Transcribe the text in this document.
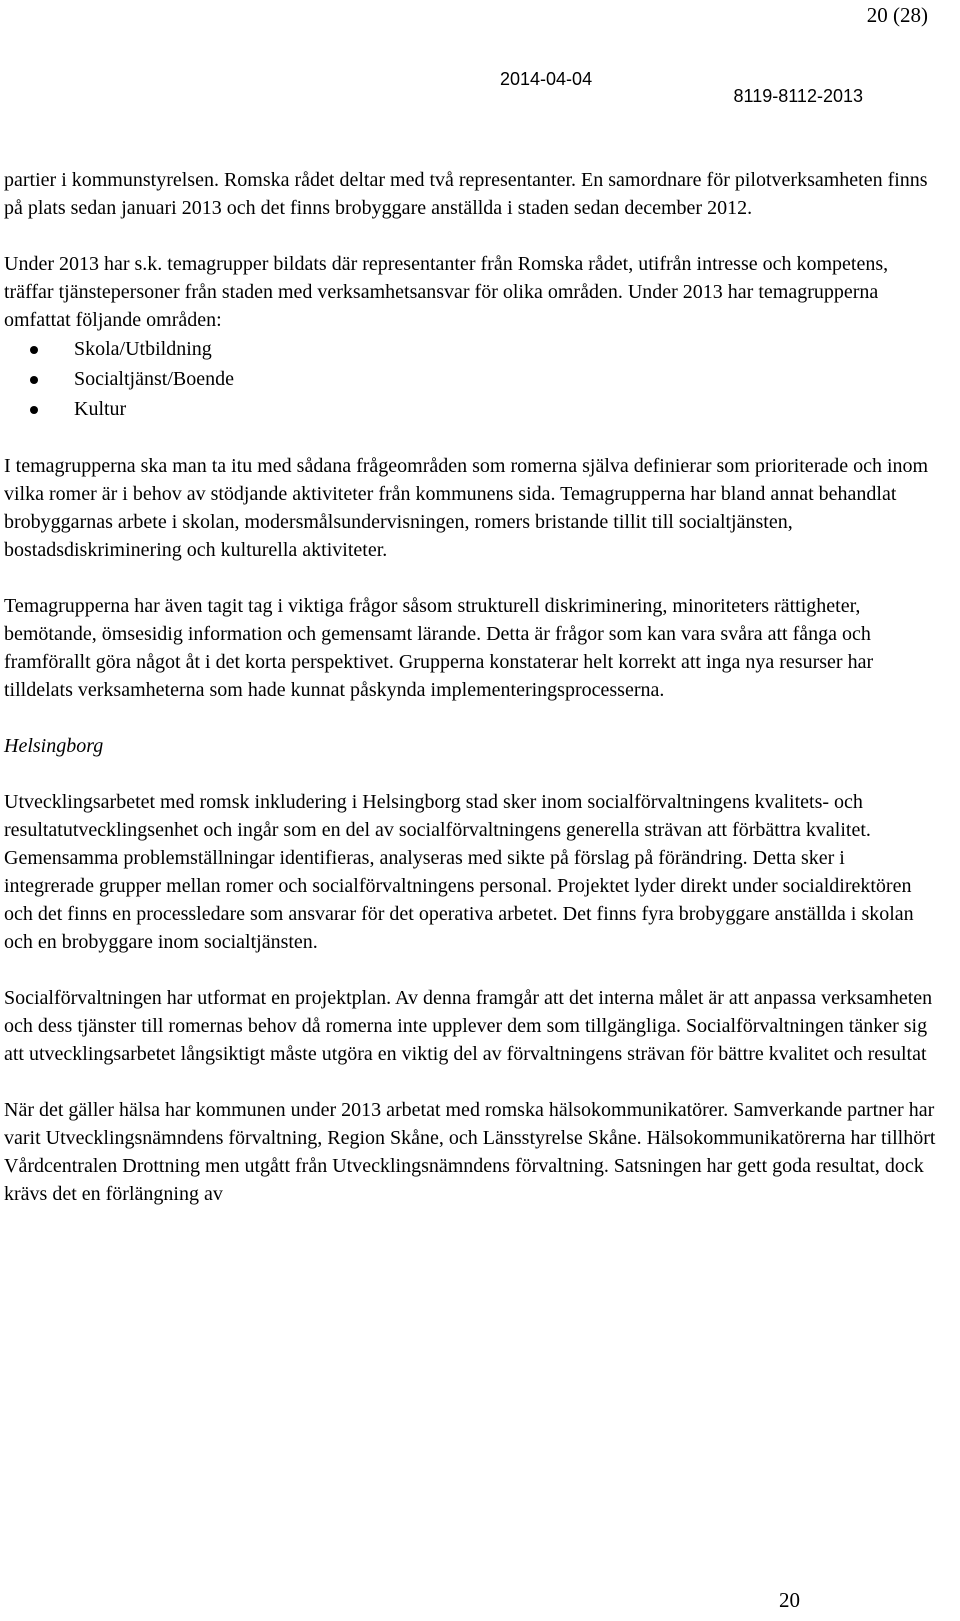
20 (28)
2014-04-04
8119-8112-2013

partier i kommunstyrelsen. Romska rådet deltar med två representanter. En samordnare för pilotverksamheten finns på plats sedan januari 2013 och det finns brobyggare anställda i staden sedan december 2012.

Under 2013 har s.k. temagrupper bildats där representanter från Romska rådet, utifrån intresse och kompetens, träffar tjänstepersoner från staden med verksamhetsansvar för olika områden. Under 2013 har temagrupperna omfattat följande områden:

Skola/Utbildning
Socialtjänst/Boende
Kultur

I temagrupperna ska man ta itu med sådana frågeområden som romerna själva definierar som prioriterade och inom vilka romer är i behov av stödjande aktiviteter från kommunens sida. Temagrupperna har bland annat behandlat brobyggarnas arbete i skolan, modersmålsundervisningen, romers bristande tillit till socialtjänsten, bostadsdiskriminering och kulturella aktiviteter.

Temagrupperna har även tagit tag i viktiga frågor såsom strukturell diskriminering, minoriteters rättigheter, bemötande, ömsesidig information och gemensamt lärande. Detta är frågor som kan vara svåra att fånga och framförallt göra något åt i det korta perspektivet. Grupperna konstaterar helt korrekt att inga nya resurser har tilldelats verksamheterna som hade kunnat påskynda implementeringsprocesserna.

Helsingborg

Utvecklingsarbetet med romsk inkludering i Helsingborg stad sker inom socialförvaltningens kvalitets- och resultatutvecklingsenhet och ingår som en del av socialförvaltningens generella strävan att förbättra kvalitet. Gemensamma problemställningar identifieras, analyseras med sikte på förslag på förändring. Detta sker i integrerade grupper mellan romer och socialförvaltningens personal. Projektet lyder direkt under socialdirektören och det finns en processledare som ansvarar för det operativa arbetet. Det finns fyra brobyggare anställda i skolan och en brobyggare inom socialtjänsten.

Socialförvaltningen har utformat en projektplan. Av denna framgår att det interna målet är att anpassa verksamheten och dess tjänster till romernas behov då romerna inte upplever dem som tillgängliga. Socialförvaltningen tänker sig att utvecklingsarbetet långsiktigt måste utgöra en viktig del av förvaltningens strävan för bättre kvalitet och resultat

När det gäller hälsa har kommunen under 2013 arbetat med romska hälsokommunikatörer. Samverkande partner har varit Utvecklingsnämndens förvaltning, Region Skåne, och Länsstyrelse Skåne. Hälsokommunikatörerna har tillhört Vårdcentralen Drottning men utgått från Utvecklingsnämndens förvaltning. Satsningen har gett goda resultat, dock krävs det en förlängning av

20
